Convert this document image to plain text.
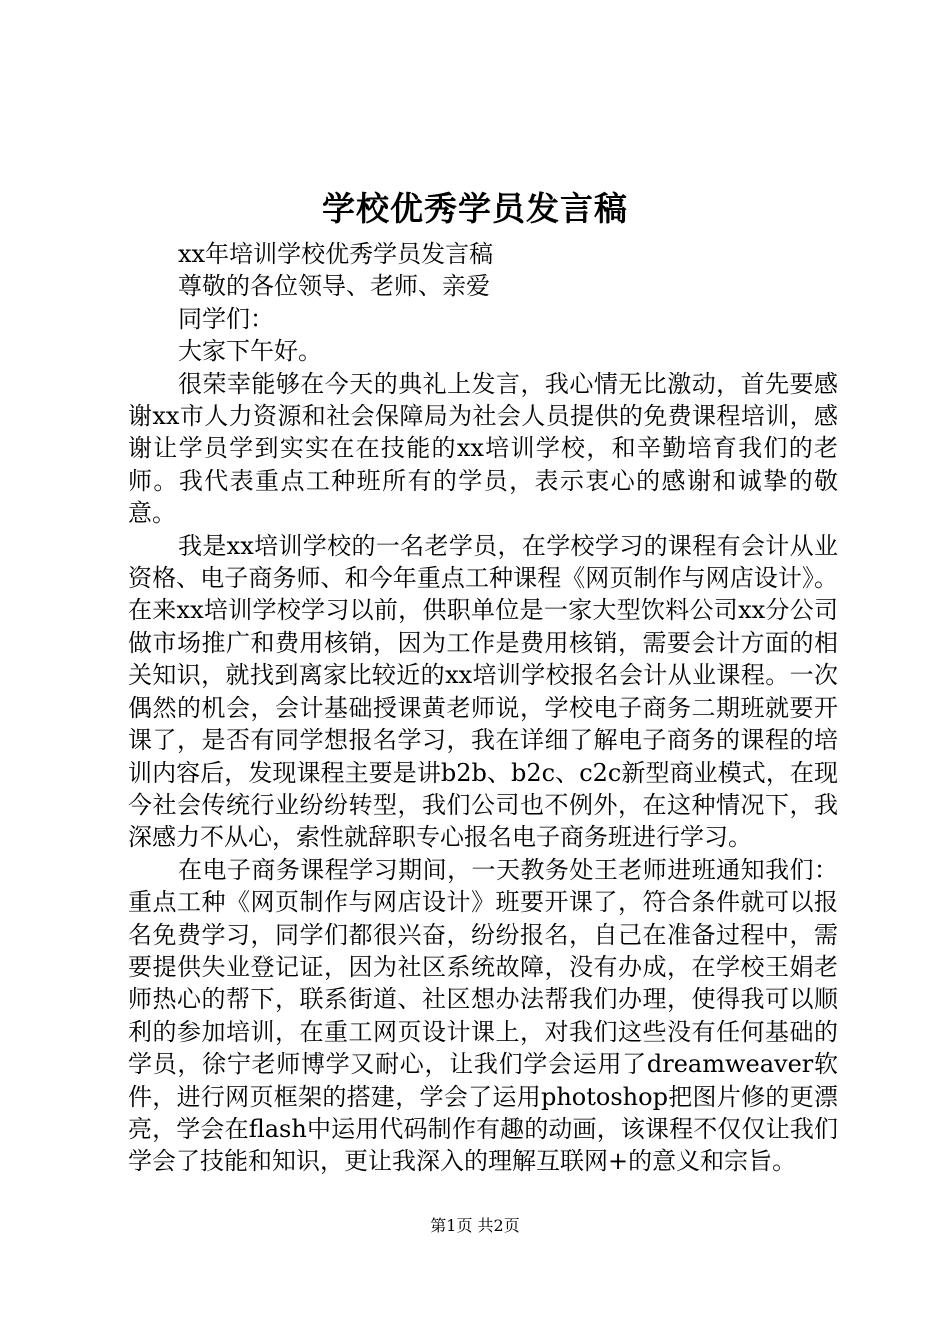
学校优秀学员发言稿

xx年培训学校优秀学员发言稿

尊敬的各位领导、老师、亲爱

同学们：

大家下午好。

很荣幸能够在今天的典礼上发言，我心情无比激动，首先要感谢xx市人力资源和社会保障局为社会人员提供的免费课程培训，感谢让学员学到实实在在技能的xx培训学校，和辛勤培育我们的老师。我代表重点工种班所有的学员，表示衷心的感谢和诚挚的敬意。

我是xx培训学校的一名老学员，在学校学习的课程有会计从业资格、电子商务师、和今年重点工种课程《网页制作与网店设计》。在来xx培训学校学习以前，供职单位是一家大型饮料公司xx分公司做市场推广和费用核销，因为工作是费用核销，需要会计方面的相关知识，就找到离家比较近的xx培训学校报名会计从业课程。一次偶然的机会，会计基础授课黄老师说，学校电子商务二期班就要开课了，是否有同学想报名学习，我在详细了解电子商务的课程的培训内容后，发现课程主要是讲b2b、b2c、c2c新型商业模式，在现今社会传统行业纷纷转型，我们公司也不例外，在这种情况下，我深感力不从心，索性就辞职专心报名电子商务班进行学习。

在电子商务课程学习期间，一天教务处王老师进班通知我们：重点工种《网页制作与网店设计》班要开课了，符合条件就可以报名免费学习，同学们都很兴奋，纷纷报名，自己在准备过程中，需要提供失业登记证，因为社区系统故障，没有办成，在学校王娟老师热心的帮下，联系街道、社区想办法帮我们办理，使得我可以顺利的参加培训，在重工网页设计课上，对我们这些没有任何基础的学员，徐宁老师博学又耐心，让我们学会运用了dreamweaver软件，进行网页框架的搭建，学会了运用photoshop把图片修的更漂亮，学会在flash中运用代码制作有趣的动画，该课程不仅仅让我们学会了技能和知识，更让我深入的理解互联网+的意义和宗旨。

第1页 共2页
